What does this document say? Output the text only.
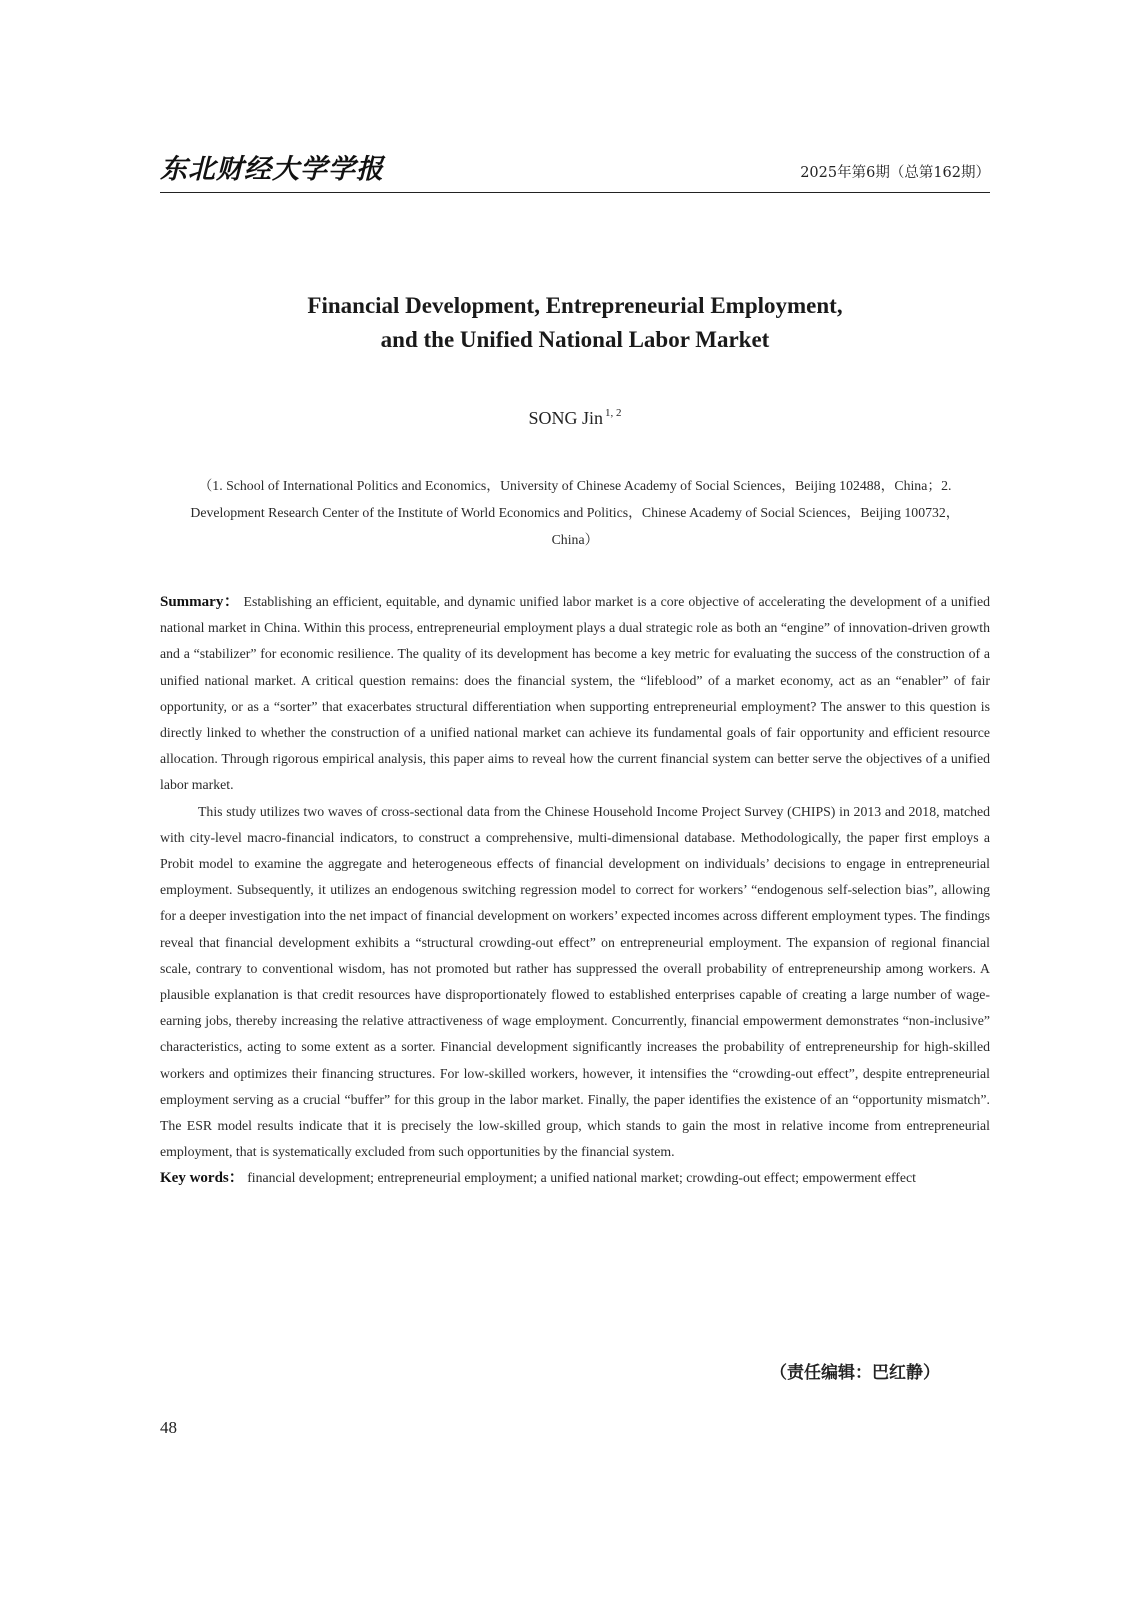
东北财经大学学报	2025年第6期（总第162期）
Financial Development, Entrepreneurial Employment,
and the Unified National Labor Market
SONG Jin $^{1, 2}$
（1. School of International Politics and Economics，University of Chinese Academy of Social Sciences，Beijing 102488，China；2. Development Research Center of the Institute of World Economics and Politics，Chinese Academy of Social Sciences，Beijing 100732，China）

Summary： Establishing an efficient, equitable, and dynamic unified labor market is a core objective of accelerating the development of a unified national market in China. Within this process, entrepreneurial employment plays a dual strategic role as both an “engine” of innovation-driven growth and a “stabilizer” for economic resilience. The quality of its development has become a key metric for evaluating the success of the construction of a unified national market. A critical question remains: does the financial system, the “lifeblood” of a market economy, act as an “enabler” of fair opportunity, or as a “sorter” that exacerbates structural differentiation when supporting entrepreneurial employment? The answer to this question is directly linked to whether the construction of a unified national market can achieve its fundamental goals of fair opportunity and efficient resource allocation. Through rigorous empirical analysis, this paper aims to reveal how the current financial system can better serve the objectives of a unified labor market.

This study utilizes two waves of cross-sectional data from the Chinese Household Income Project Survey (CHIPS) in 2013 and 2018, matched with city-level macro-financial indicators, to construct a comprehensive, multi-dimensional database. Methodologically, the paper first employs a Probit model to examine the aggregate and heterogeneous effects of financial development on individuals’ decisions to engage in entrepreneurial employment. Subsequently, it utilizes an endogenous switching regression model to correct for workers’ “endogenous self-selection bias”, allowing for a deeper investigation into the net impact of financial development on workers’ expected incomes across different employment types. The findings reveal that financial development exhibits a “structural crowding-out effect” on entrepreneurial employment. The expansion of regional financial scale, contrary to conventional wisdom, has not promoted but rather has suppressed the overall probability of entrepreneurship among workers. A plausible explanation is that credit resources have disproportionately flowed to established enterprises capable of creating a large number of wage-earning jobs, thereby increasing the relative attractiveness of wage employment. Concurrently, financial empowerment demonstrates “non-inclusive” characteristics, acting to some extent as a sorter. Financial development significantly increases the probability of entrepreneurship for high-skilled workers and optimizes their financing structures. For low-skilled workers, however, it intensifies the “crowding-out effect”, despite entrepreneurial employment serving as a crucial “buffer” for this group in the labor market. Finally, the paper identifies the existence of an “opportunity mismatch”. The ESR model results indicate that it is precisely the low-skilled group, which stands to gain the most in relative income from entrepreneurial employment, that is systematically excluded from such opportunities by the financial system.

Key words： financial development; entrepreneurial employment; a unified national market; crowding-out effect; empowerment effect

（责任编辑：巴红静）
48
